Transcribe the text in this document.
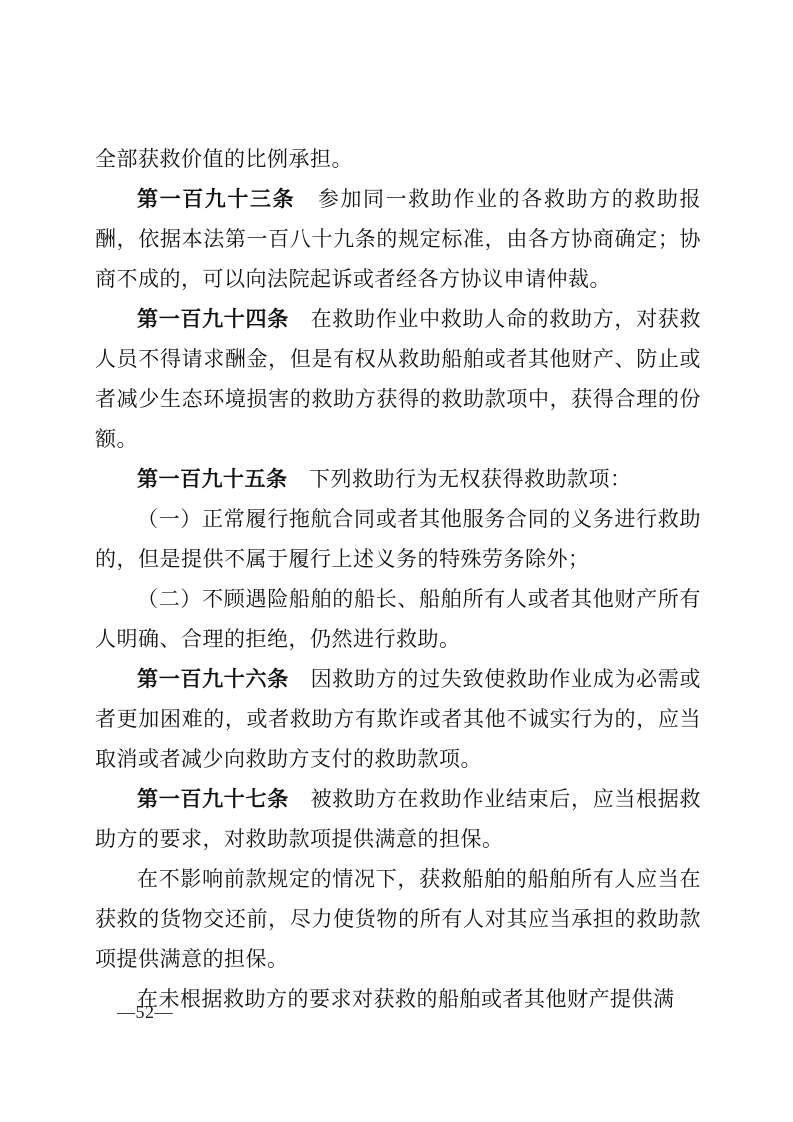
全部获救价值的比例承担。

第一百九十三条　参加同一救助作业的各救助方的救助报酬，依据本法第一百八十九条的规定标准，由各方协商确定；协商不成的，可以向法院起诉或者经各方协议申请仲裁。

第一百九十四条　在救助作业中救助人命的救助方，对获救人员不得请求酬金，但是有权从救助船舶或者其他财产、防止或者减少生态环境损害的救助方获得的救助款项中，获得合理的份额。

第一百九十五条　下列救助行为无权获得救助款项：

（一）正常履行拖航合同或者其他服务合同的义务进行救助的，但是提供不属于履行上述义务的特殊劳务除外；

（二）不顾遇险船舶的船长、船舶所有人或者其他财产所有人明确、合理的拒绝，仍然进行救助。

第一百九十六条　因救助方的过失致使救助作业成为必需或者更加困难的，或者救助方有欺诈或者其他不诚实行为的，应当取消或者减少向救助方支付的救助款项。

第一百九十七条　被救助方在救助作业结束后，应当根据救助方的要求，对救助款项提供满意的担保。

在不影响前款规定的情况下，获救船舶的船舶所有人应当在获救的货物交还前，尽力使货物的所有人对其应当承担的救助款项提供满意的担保。

在未根据救助方的要求对获救的船舶或者其他财产提供满

—52—
